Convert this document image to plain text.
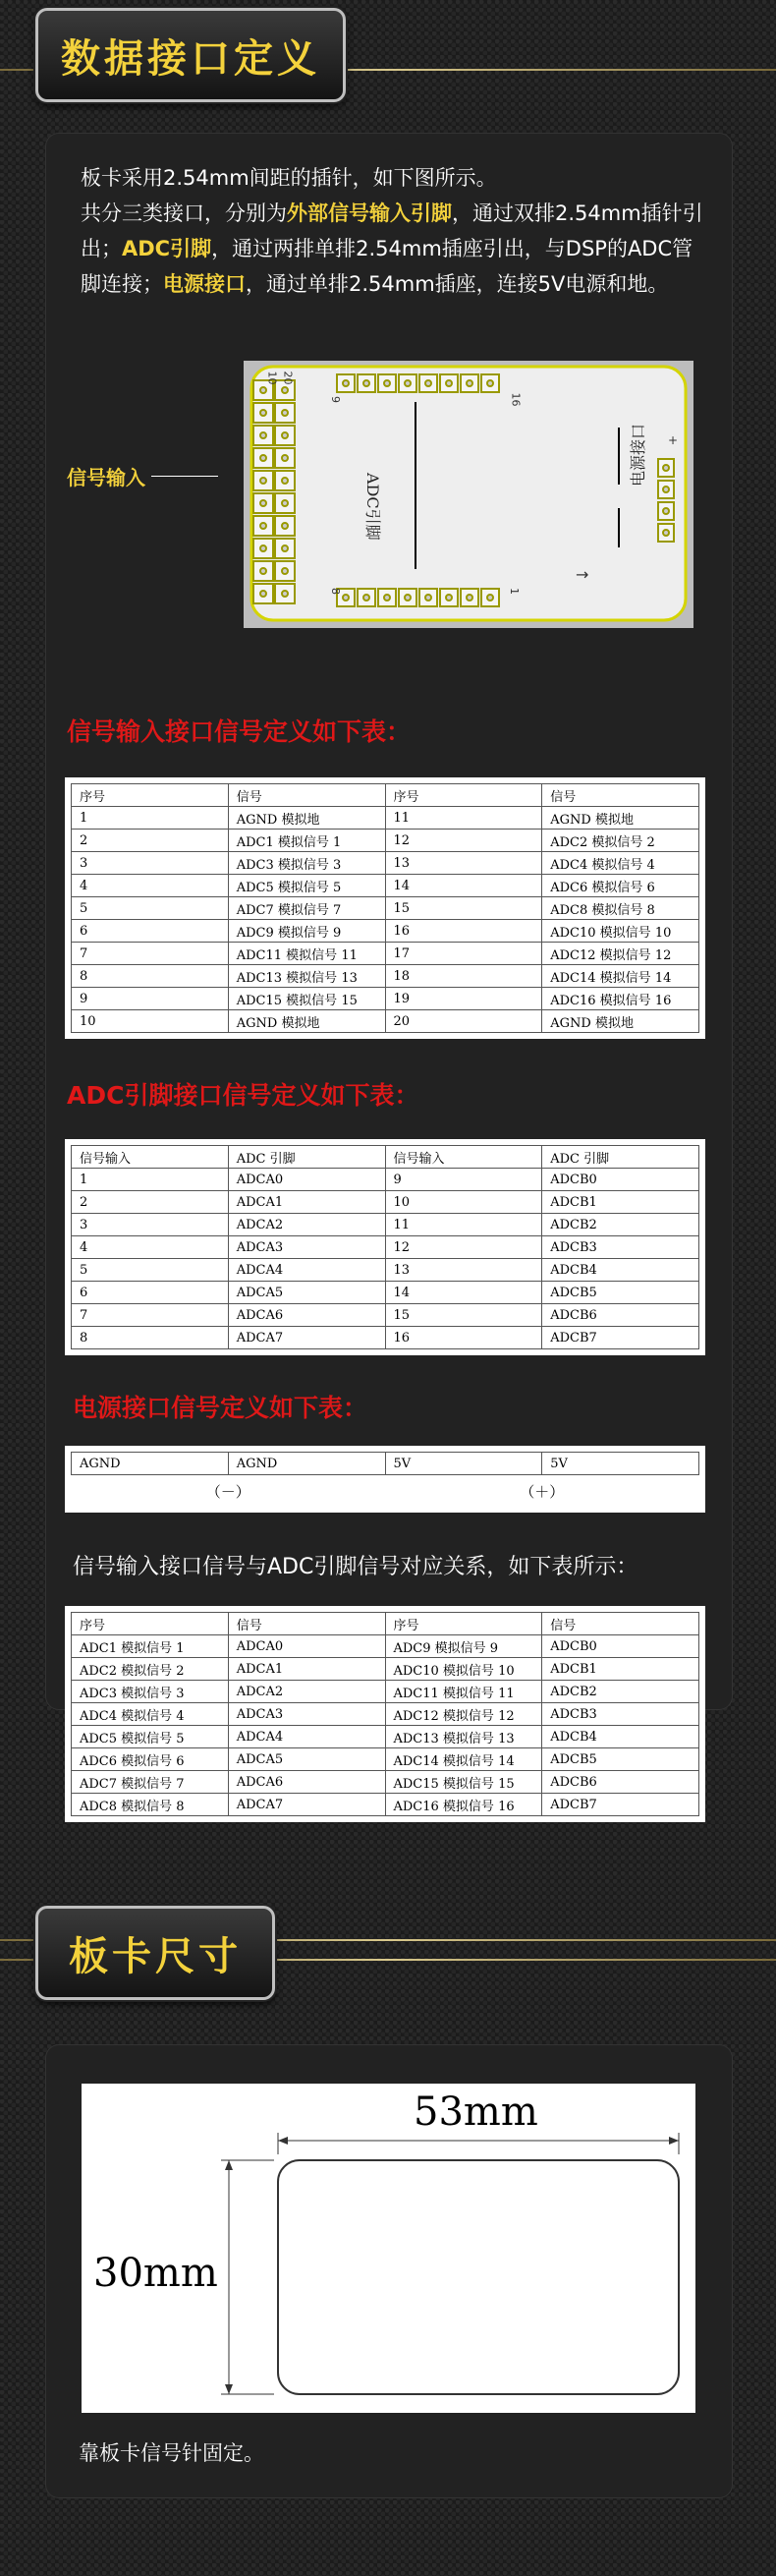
数据接口定义
板卡采用2.54mm间距的插针，如下图所示。
共分三类接口，分别为外部信号输入引脚，通过双排2.54mm插针引出；ADC引脚，通过两排单排2.54mm插座引出，与DSP的ADC管脚连接；电源接口，通过单排2.54mm插座，连接5V电源和地。
信号输入
→
10 20
9	16
8	1
ADC引脚
电源接口 +
信号输入接口信号定义如下表：
序号	信号	序号	信号
1	AGND 模拟地	11	AGND 模拟地
2	ADC1 模拟信号 1	12	ADC2 模拟信号 2
3	ADC3 模拟信号 3	13	ADC4 模拟信号 4
4	ADC5 模拟信号 5	14	ADC6 模拟信号 6
5	ADC7 模拟信号 7	15	ADC8 模拟信号 8
6	ADC9 模拟信号 9	16	ADC10 模拟信号 10
7	ADC11 模拟信号 11	17	ADC12 模拟信号 12
8	ADC13 模拟信号 13	18	ADC14 模拟信号 14
9	ADC15 模拟信号 15	19	ADC16 模拟信号 16
10	AGND 模拟地	20	AGND 模拟地
ADC引脚接口信号定义如下表：
信号输入	ADC 引脚	信号输入	ADC 引脚
1	ADCA0	9	ADCB0
2	ADCA1	10	ADCB1
3	ADCA2	11	ADCB2
4	ADCA3	12	ADCB3
5	ADCA4	13	ADCB4
6	ADCA5	14	ADCB5
7	ADCA6	15	ADCB6
8	ADCA7	16	ADCB7
电源接口信号定义如下表：
AGND	AGND	5V	5V
（－）		（＋）	
信号输入接口信号与ADC引脚信号对应关系，如下表所示：
序号	信号	序号	信号
ADC1 模拟信号 1	ADCA0	ADC9 模拟信号 9	ADCB0
ADC2 模拟信号 2	ADCA1	ADC10 模拟信号 10	ADCB1
ADC3 模拟信号 3	ADCA2	ADC11 模拟信号 11	ADCB2
ADC4 模拟信号 4	ADCA3	ADC12 模拟信号 12	ADCB3
ADC5 模拟信号 5	ADCA4	ADC13 模拟信号 13	ADCB4
ADC6 模拟信号 6	ADCA5	ADC14 模拟信号 14	ADCB5
ADC7 模拟信号 7	ADCA6	ADC15 模拟信号 15	ADCB6
ADC8 模拟信号 8	ADCA7	ADC16 模拟信号 16	ADCB7
板卡尺寸
53mm
30mm
靠板卡信号针固定。
